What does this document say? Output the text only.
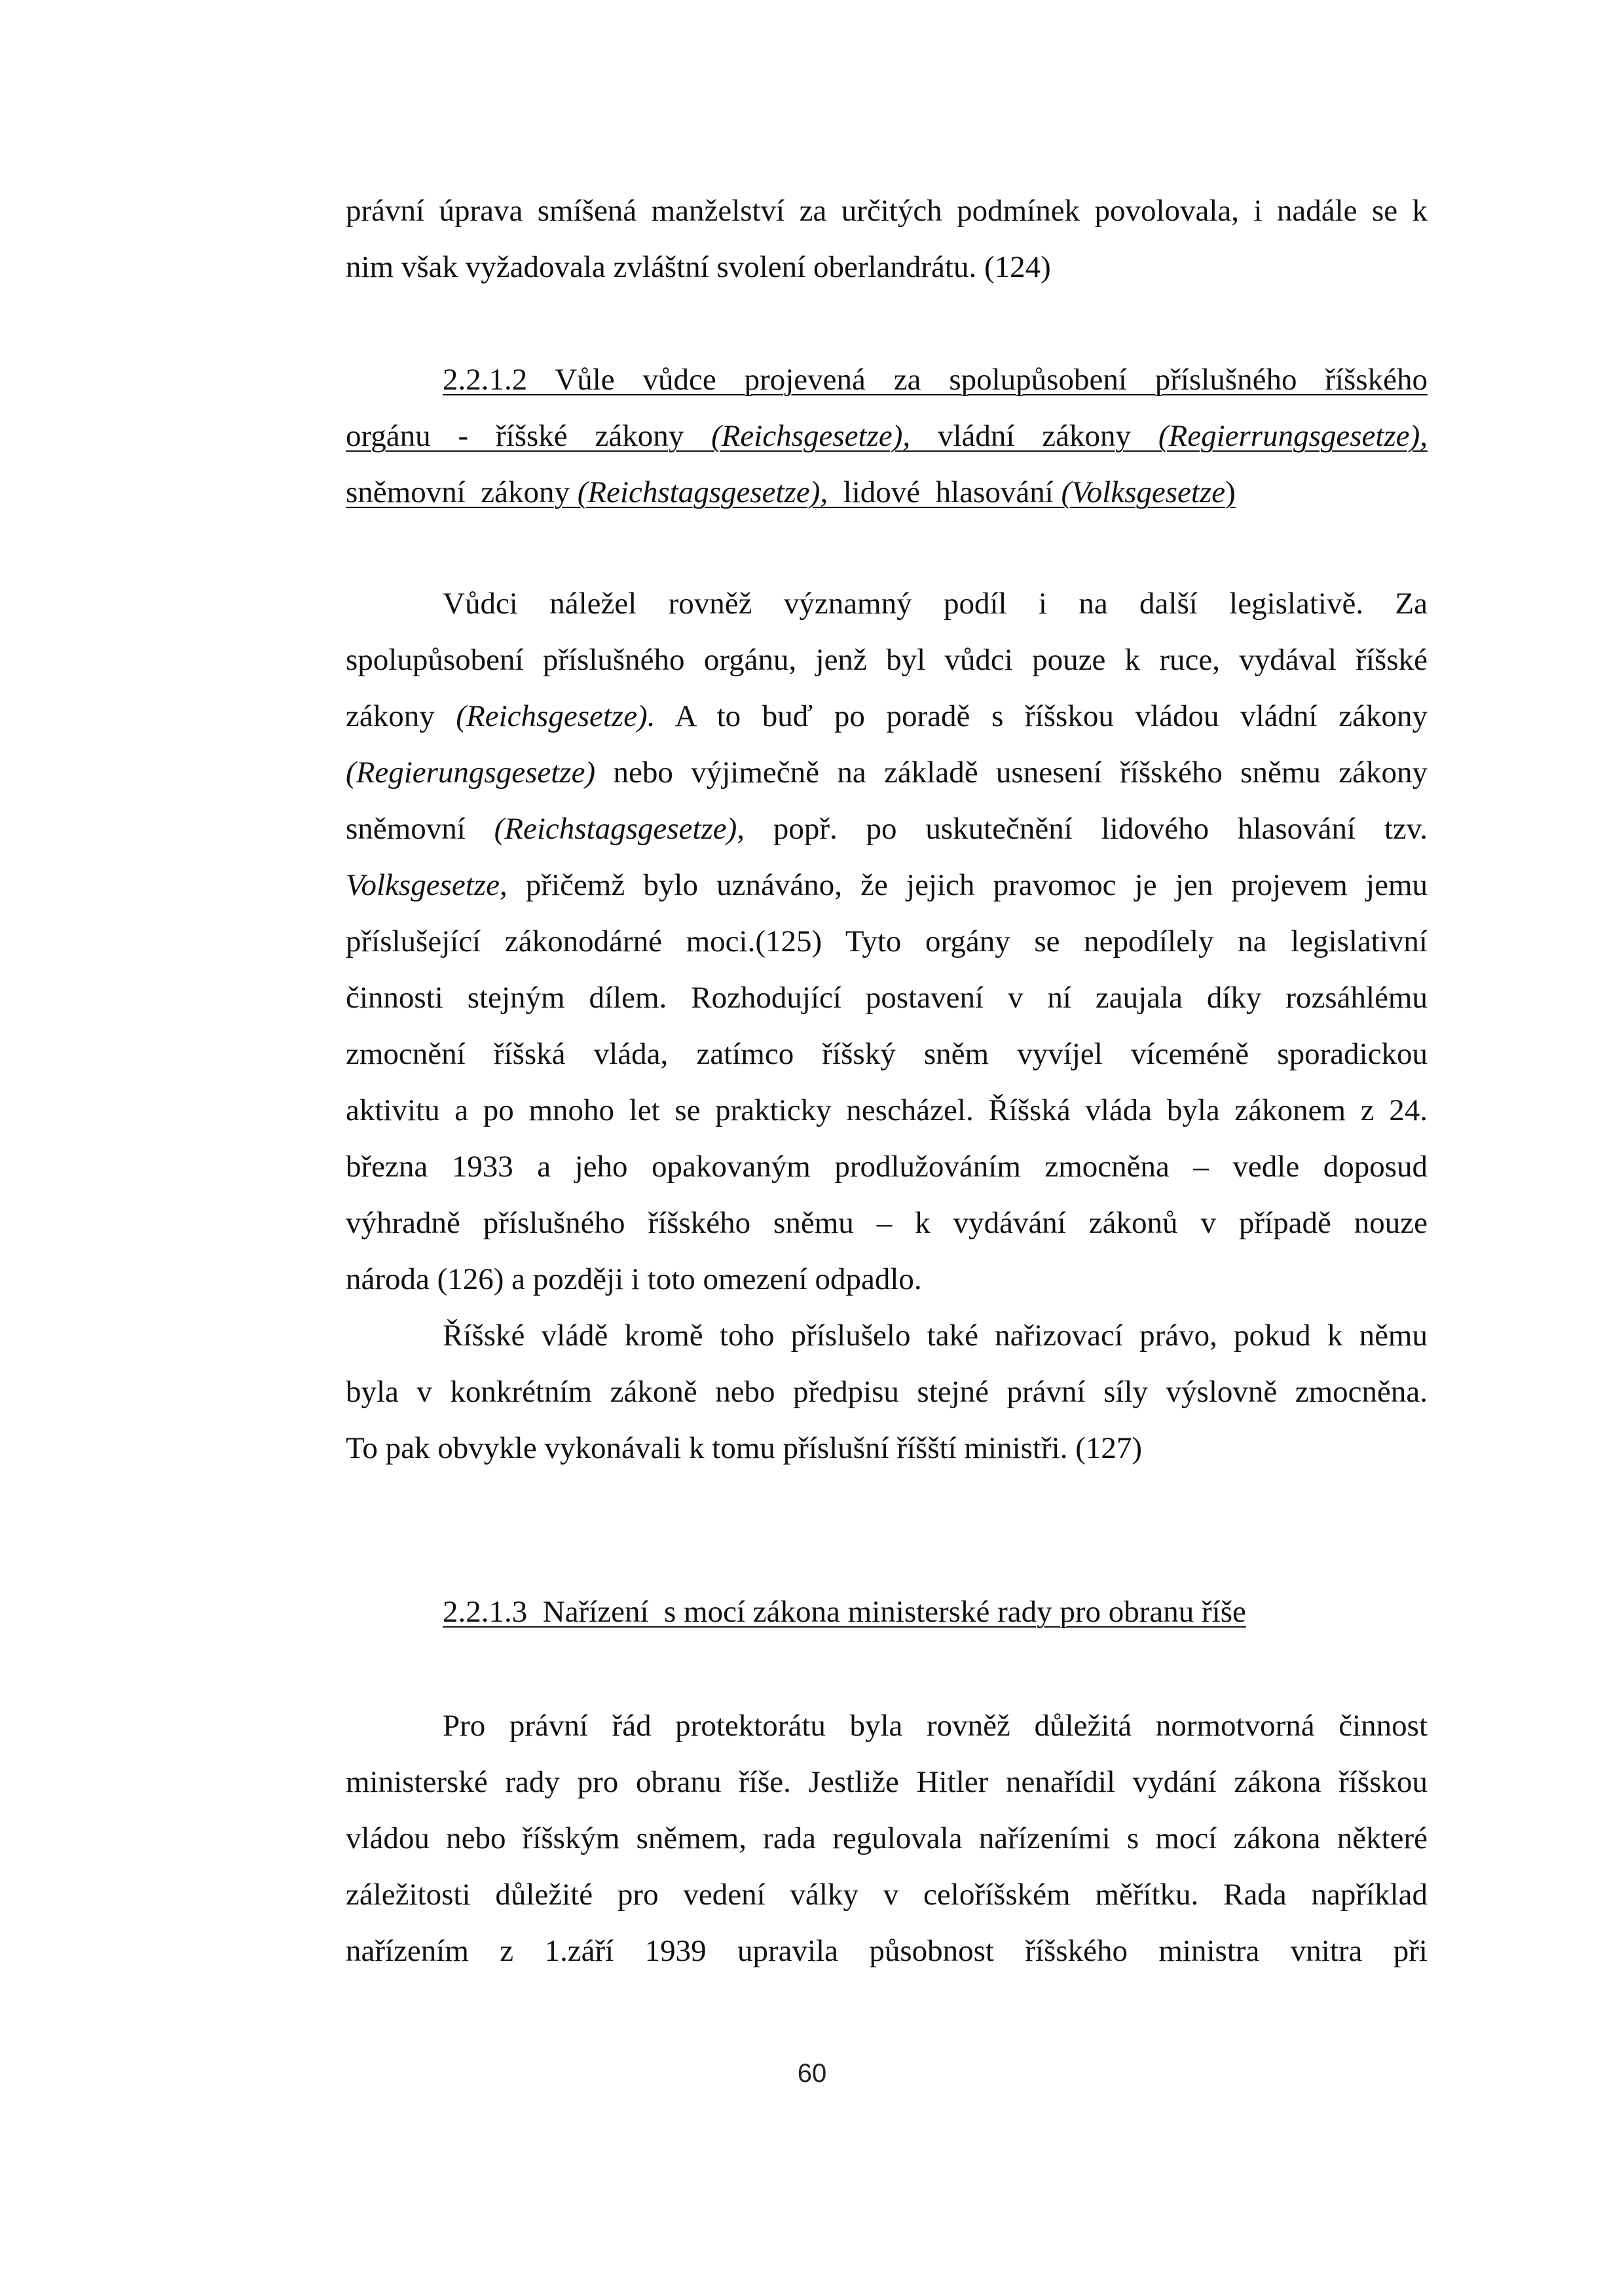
právní úprava smíšená manželství za určitých podmínek povolovala, i nadále se k
nim však vyžadovala zvláštní svolení oberlandrátu. (124)
2.2.1.2 Vůle vůdce projevená za spolupůsobení příslušného říšského
orgánu - říšské zákony (Reichsgesetze), vládní zákony (Regierrungsgesetze),
sněmovní  zákony (Reichstagsgesetze),  lidové  hlasování (Volksgesetze)
Vůdci náležel rovněž významný podíl i na další legislativě. Za
spolupůsobení příslušného orgánu, jenž byl vůdci pouze k ruce, vydával říšské
zákony (Reichsgesetze). A to buď po poradě s říšskou vládou vládní zákony
(Regierungsgesetze) nebo výjimečně na základě usnesení říšského sněmu zákony
sněmovní (Reichstagsgesetze), popř. po uskutečnění lidového hlasování tzv.
Volksgesetze, přičemž bylo uznáváno, že jejich pravomoc je jen projevem jemu
příslušející zákonodárné moci.(125) Tyto orgány se nepodílely na legislativní
činnosti stejným dílem. Rozhodující postavení v ní zaujala díky rozsáhlému
zmocnění říšská vláda, zatímco říšský sněm vyvíjel víceméně sporadickou
aktivitu a po mnoho let se prakticky nescházel. Říšská vláda byla zákonem z 24.
března 1933 a jeho opakovaným prodlužováním zmocněna – vedle doposud
výhradně příslušného říšského sněmu – k vydávání zákonů v případě nouze
národa (126) a později i toto omezení odpadlo.
Říšské vládě kromě toho příslušelo také nařizovací právo, pokud k němu
byla v konkrétním zákoně nebo předpisu stejné právní síly výslovně zmocněna.
To pak obvykle vykonávali k tomu příslušní říšští ministři. (127)
2.2.1.3  Nařízení  s mocí zákona ministerské rady pro obranu říše
Pro právní řád protektorátu byla rovněž důležitá normotvorná činnost
ministerské rady pro obranu říše. Jestliže Hitler nenařídil vydání zákona říšskou
vládou nebo říšským sněmem, rada regulovala nařízeními s mocí zákona některé
záležitosti důležité pro vedení války v celoříšském měřítku. Rada například
nařízením z 1.září 1939 upravila působnost říšského ministra vnitra při
60
